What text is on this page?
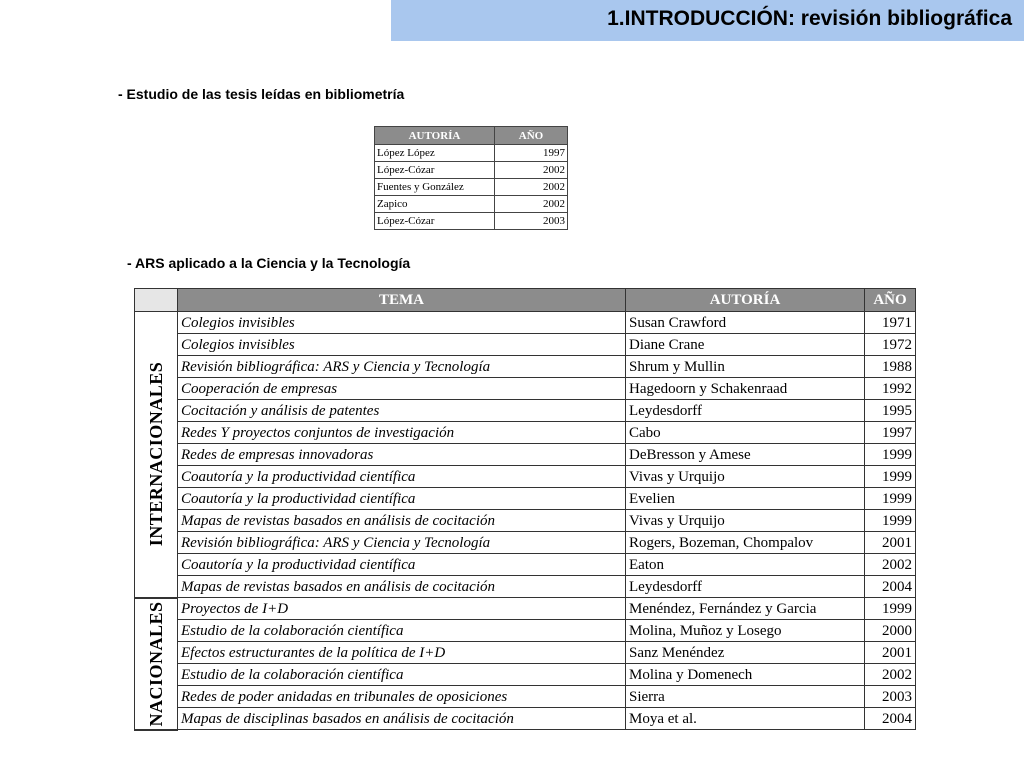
1.INTRODUCCIÓN: revisión bibliográfica

- Estudio de las tesis leídas en bibliometría

AUTORÍA	AÑO
López López	1997
López-Cózar	2002
Fuentes y González	2002
Zapico	2002
López-Cózar	2003

- ARS aplicado a la Ciencia y la Tecnología

	TEMA	AUTORÍA	AÑO

INTERNACIONALES	Colegios invisibles	Susan Crawford	1971
	Colegios invisibles	Diane Crane	1972
	Revisión bibliográfica: ARS y Ciencia y Tecnología	Shrum y Mullin	1988
	Cooperación de empresas	Hagedoorn y Schakenraad	1992
	Cocitación y análisis de patentes	Leydesdorff	1995
	Redes Y proyectos conjuntos de investigación	Cabo	1997
	Redes de empresas innovadoras	DeBresson y Amese	1999
	Coautoría y la productividad científica	Vivas y Urquijo	1999
	Coautoría y la productividad científica	Evelien	1999
	Mapas de revistas basados en análisis de cocitación	Vivas y Urquijo	1999
	Revisión bibliográfica: ARS y Ciencia y Tecnología	Rogers, Bozeman, Chompalov	2001
	Coautoría y la productividad científica	Eaton	2002
	Mapas de revistas basados en análisis de cocitación	Leydesdorff	2004

NACIONALES	Proyectos de I+D	Menéndez, Fernández y Garcia	1999
	Estudio de la colaboración científica	Molina, Muñoz y Losego	2000
	Efectos estructurantes de la política de I+D	Sanz Menéndez	2001
	Estudio de la colaboración científica	Molina y Domenech	2002
	Redes de poder anidadas en tribunales de oposiciones	Sierra	2003
	Mapas de disciplinas basados en análisis de cocitación	Moya et al.	2004
